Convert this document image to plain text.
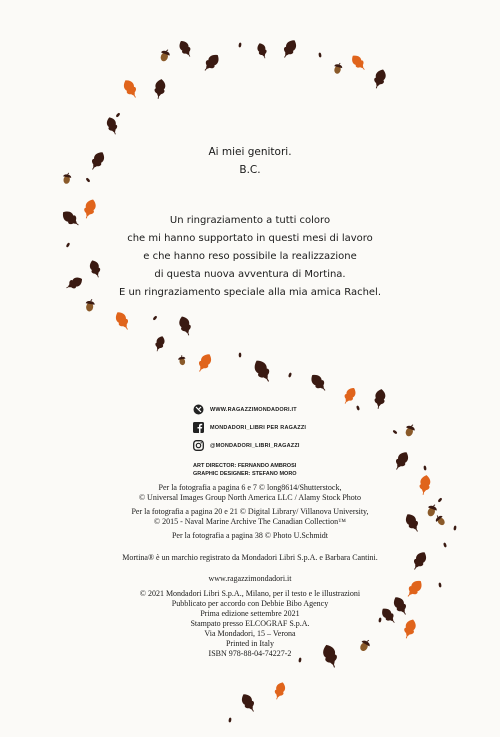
Ai miei genitori.
B.C.
Un ringraziamento a tutti coloro
che mi hanno supportato in questi mesi di lavoro
e che hanno reso possibile la realizzazione
di questa nuova avventura di Mortina.
E un ringraziamento speciale alla mia amica Rachel.
WWW.RAGAZZIMONDADORI.IT
MONDADORI_LIBRI PER RAGAZZI
@MONDADORI_LIBRI_RAGAZZI
ART DIRECTOR: FERNANDO AMBROSI
GRAPHIC DESIGNER: STEFANO MORO
Per la fotografia a pagina 6 e 7 © long8614/Shutterstock,
© Universal Images Group North America LLC / Alamy Stock Photo
Per la fotografia a pagina 20 e 21 © Digital Library/ Villanova University,
© 2015 - Naval Marine Archive The Canadian Collection™
Per la fotografia a pagina 38 © Photo U.Schmidt
Mortina® è un marchio registrato da Mondadori Libri S.p.A. e Barbara Cantini.
www.ragazzimondadori.it
© 2021 Mondadori Libri S.p.A., Milano, per il testo e le illustrazioni
Pubblicato per accordo con Debbie Bibo Agency
Prima edizione settembre 2021
Stampato presso ELCOGRAF S.p.A.
Via Mondadori, 15 – Verona
Printed in Italy
ISBN 978-88-04-74227-2
